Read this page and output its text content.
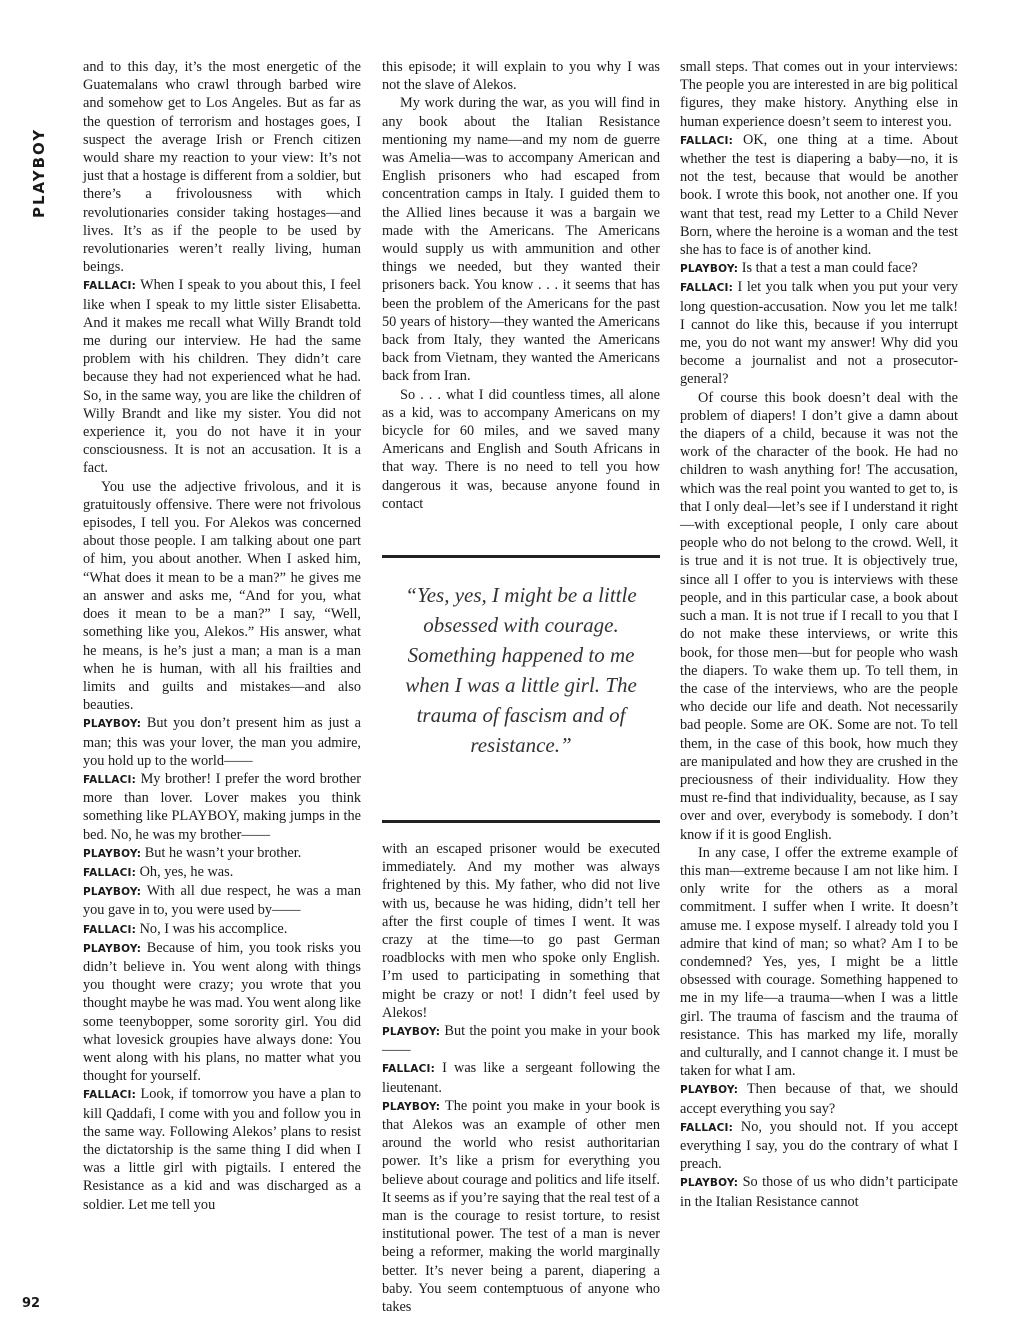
PLAYBOY

and to this day, it’s the most energetic of the Guatemalans who crawl through barbed wire and somehow get to Los Angeles. But as far as the question of terrorism and hostages goes, I suspect the average Irish or French citizen would share my reaction to your view: It’s not just that a hostage is different from a soldier, but there’s a frivolousness with which revolutionaries consider taking hostages—and lives. It’s as if the people to be used by revolutionaries weren’t really living, human beings.

FALLACI: When I speak to you about this, I feel like when I speak to my little sister Elisabetta. And it makes me recall what Willy Brandt told me during our interview. He had the same problem with his children. They didn’t care because they had not experienced what he had. So, in the same way, you are like the children of Willy Brandt and like my sister. You did not experience it, you do not have it in your consciousness. It is not an accusation. It is a fact.

You use the adjective frivolous, and it is gratuitously offensive. There were not frivolous episodes, I tell you. For Alekos was concerned about those people. I am talking about one part of him, you about another. When I asked him, “What does it mean to be a man?” he gives me an answer and asks me, “And for you, what does it mean to be a man?” I say, “Well, something like you, Alekos.” His answer, what he means, is he’s just a man; a man is a man when he is human, with all his frailties and limits and guilts and mistakes—and also beauties.

PLAYBOY: But you don’t present him as just a man; this was your lover, the man you admire, you hold up to the world——

FALLACI: My brother! I prefer the word brother more than lover. Lover makes you think something like PLAYBOY, making jumps in the bed. No, he was my brother——

PLAYBOY: But he wasn’t your brother.

FALLACI: Oh, yes, he was.

PLAYBOY: With all due respect, he was a man you gave in to, you were used by——

FALLACI: No, I was his accomplice.

PLAYBOY: Because of him, you took risks you didn’t believe in. You went along with things you thought were crazy; you wrote that you thought maybe he was mad. You went along like some teenybopper, some sorority girl. You did what lovesick groupies have always done: You went along with his plans, no matter what you thought for yourself.

FALLACI: Look, if tomorrow you have a plan to kill Qaddafi, I come with you and follow you in the same way. Following Alekos’ plans to resist the dictatorship is the same thing I did when I was a little girl with pigtails. I entered the Resistance as a kid and was discharged as a soldier. Let me tell you

this episode; it will explain to you why I was not the slave of Alekos.

My work during the war, as you will find in any book about the Italian Resistance mentioning my name—and my nom de guerre was Amelia—was to accompany American and English prisoners who had escaped from concentration camps in Italy. I guided them to the Allied lines because it was a bargain we made with the Americans. The Americans would supply us with ammunition and other things we needed, but they wanted their prisoners back. You know . . . it seems that has been the problem of the Americans for the past 50 years of history—they wanted the Americans back from Italy, they wanted the Americans back from Vietnam, they wanted the Americans back from Iran.

So . . . what I did countless times, all alone as a kid, was to accompany Americans on my bicycle for 60 miles, and we saved many Americans and English and South Africans in that way. There is no need to tell you how dangerous it was, because anyone found in contact

“Yes, yes, I might be a little obsessed with courage. Something happened to me when I was a little girl. The trauma of fascism and of resistance.”

with an escaped prisoner would be executed immediately. And my mother was always frightened by this. My father, who did not live with us, because he was hiding, didn’t tell her after the first couple of times I went. It was crazy at the time—to go past German roadblocks with men who spoke only English. I’m used to participating in something that might be crazy or not! I didn’t feel used by Alekos!

PLAYBOY: But the point you make in your book——

FALLACI: I was like a sergeant following the lieutenant.

PLAYBOY: The point you make in your book is that Alekos was an example of other men around the world who resist authoritarian power. It’s like a prism for everything you believe about courage and politics and life itself. It seems as if you’re saying that the real test of a man is the courage to resist torture, to resist institutional power. The test of a man is never being a reformer, making the world marginally better. It’s never being a parent, diapering a baby. You seem contemptuous of anyone who takes

small steps. That comes out in your interviews: The people you are interested in are big political figures, they make history. Anything else in human experience doesn’t seem to interest you.

FALLACI: OK, one thing at a time. About whether the test is diapering a baby—no, it is not the test, because that would be another book. I wrote this book, not another one. If you want that test, read my Letter to a Child Never Born, where the heroine is a woman and the test she has to face is of another kind.

PLAYBOY: Is that a test a man could face?

FALLACI: I let you talk when you put your very long question-accusation. Now you let me talk! I cannot do like this, because if you interrupt me, you do not want my answer! Why did you become a journalist and not a prosecutor-general?

Of course this book doesn’t deal with the problem of diapers! I don’t give a damn about the diapers of a child, because it was not the work of the character of the book. He had no children to wash anything for! The accusation, which was the real point you wanted to get to, is that I only deal—let’s see if I understand it right—with exceptional people, I only care about people who do not belong to the crowd. Well, it is true and it is not true. It is objectively true, since all I offer to you is interviews with these people, and in this particular case, a book about such a man. It is not true if I recall to you that I do not make these interviews, or write this book, for those men—but for people who wash the diapers. To wake them up. To tell them, in the case of the interviews, who are the people who decide our life and death. Not necessarily bad people. Some are OK. Some are not. To tell them, in the case of this book, how much they are manipulated and how they are crushed in the preciousness of their individuality. How they must re-find that individuality, because, as I say over and over, everybody is somebody. I don’t know if it is good English.

In any case, I offer the extreme example of this man—extreme because I am not like him. I only write for the others as a moral commitment. I suffer when I write. It doesn’t amuse me. I expose myself. I already told you I admire that kind of man; so what? Am I to be condemned? Yes, yes, I might be a little obsessed with courage. Something happened to me in my life—a trauma—when I was a little girl. The trauma of fascism and the trauma of resistance. This has marked my life, morally and culturally, and I cannot change it. I must be taken for what I am.

PLAYBOY: Then because of that, we should accept everything you say?

FALLACI: No, you should not. If you accept everything I say, you do the contrary of what I preach.

PLAYBOY: So those of us who didn’t participate in the Italian Resistance cannot

92
